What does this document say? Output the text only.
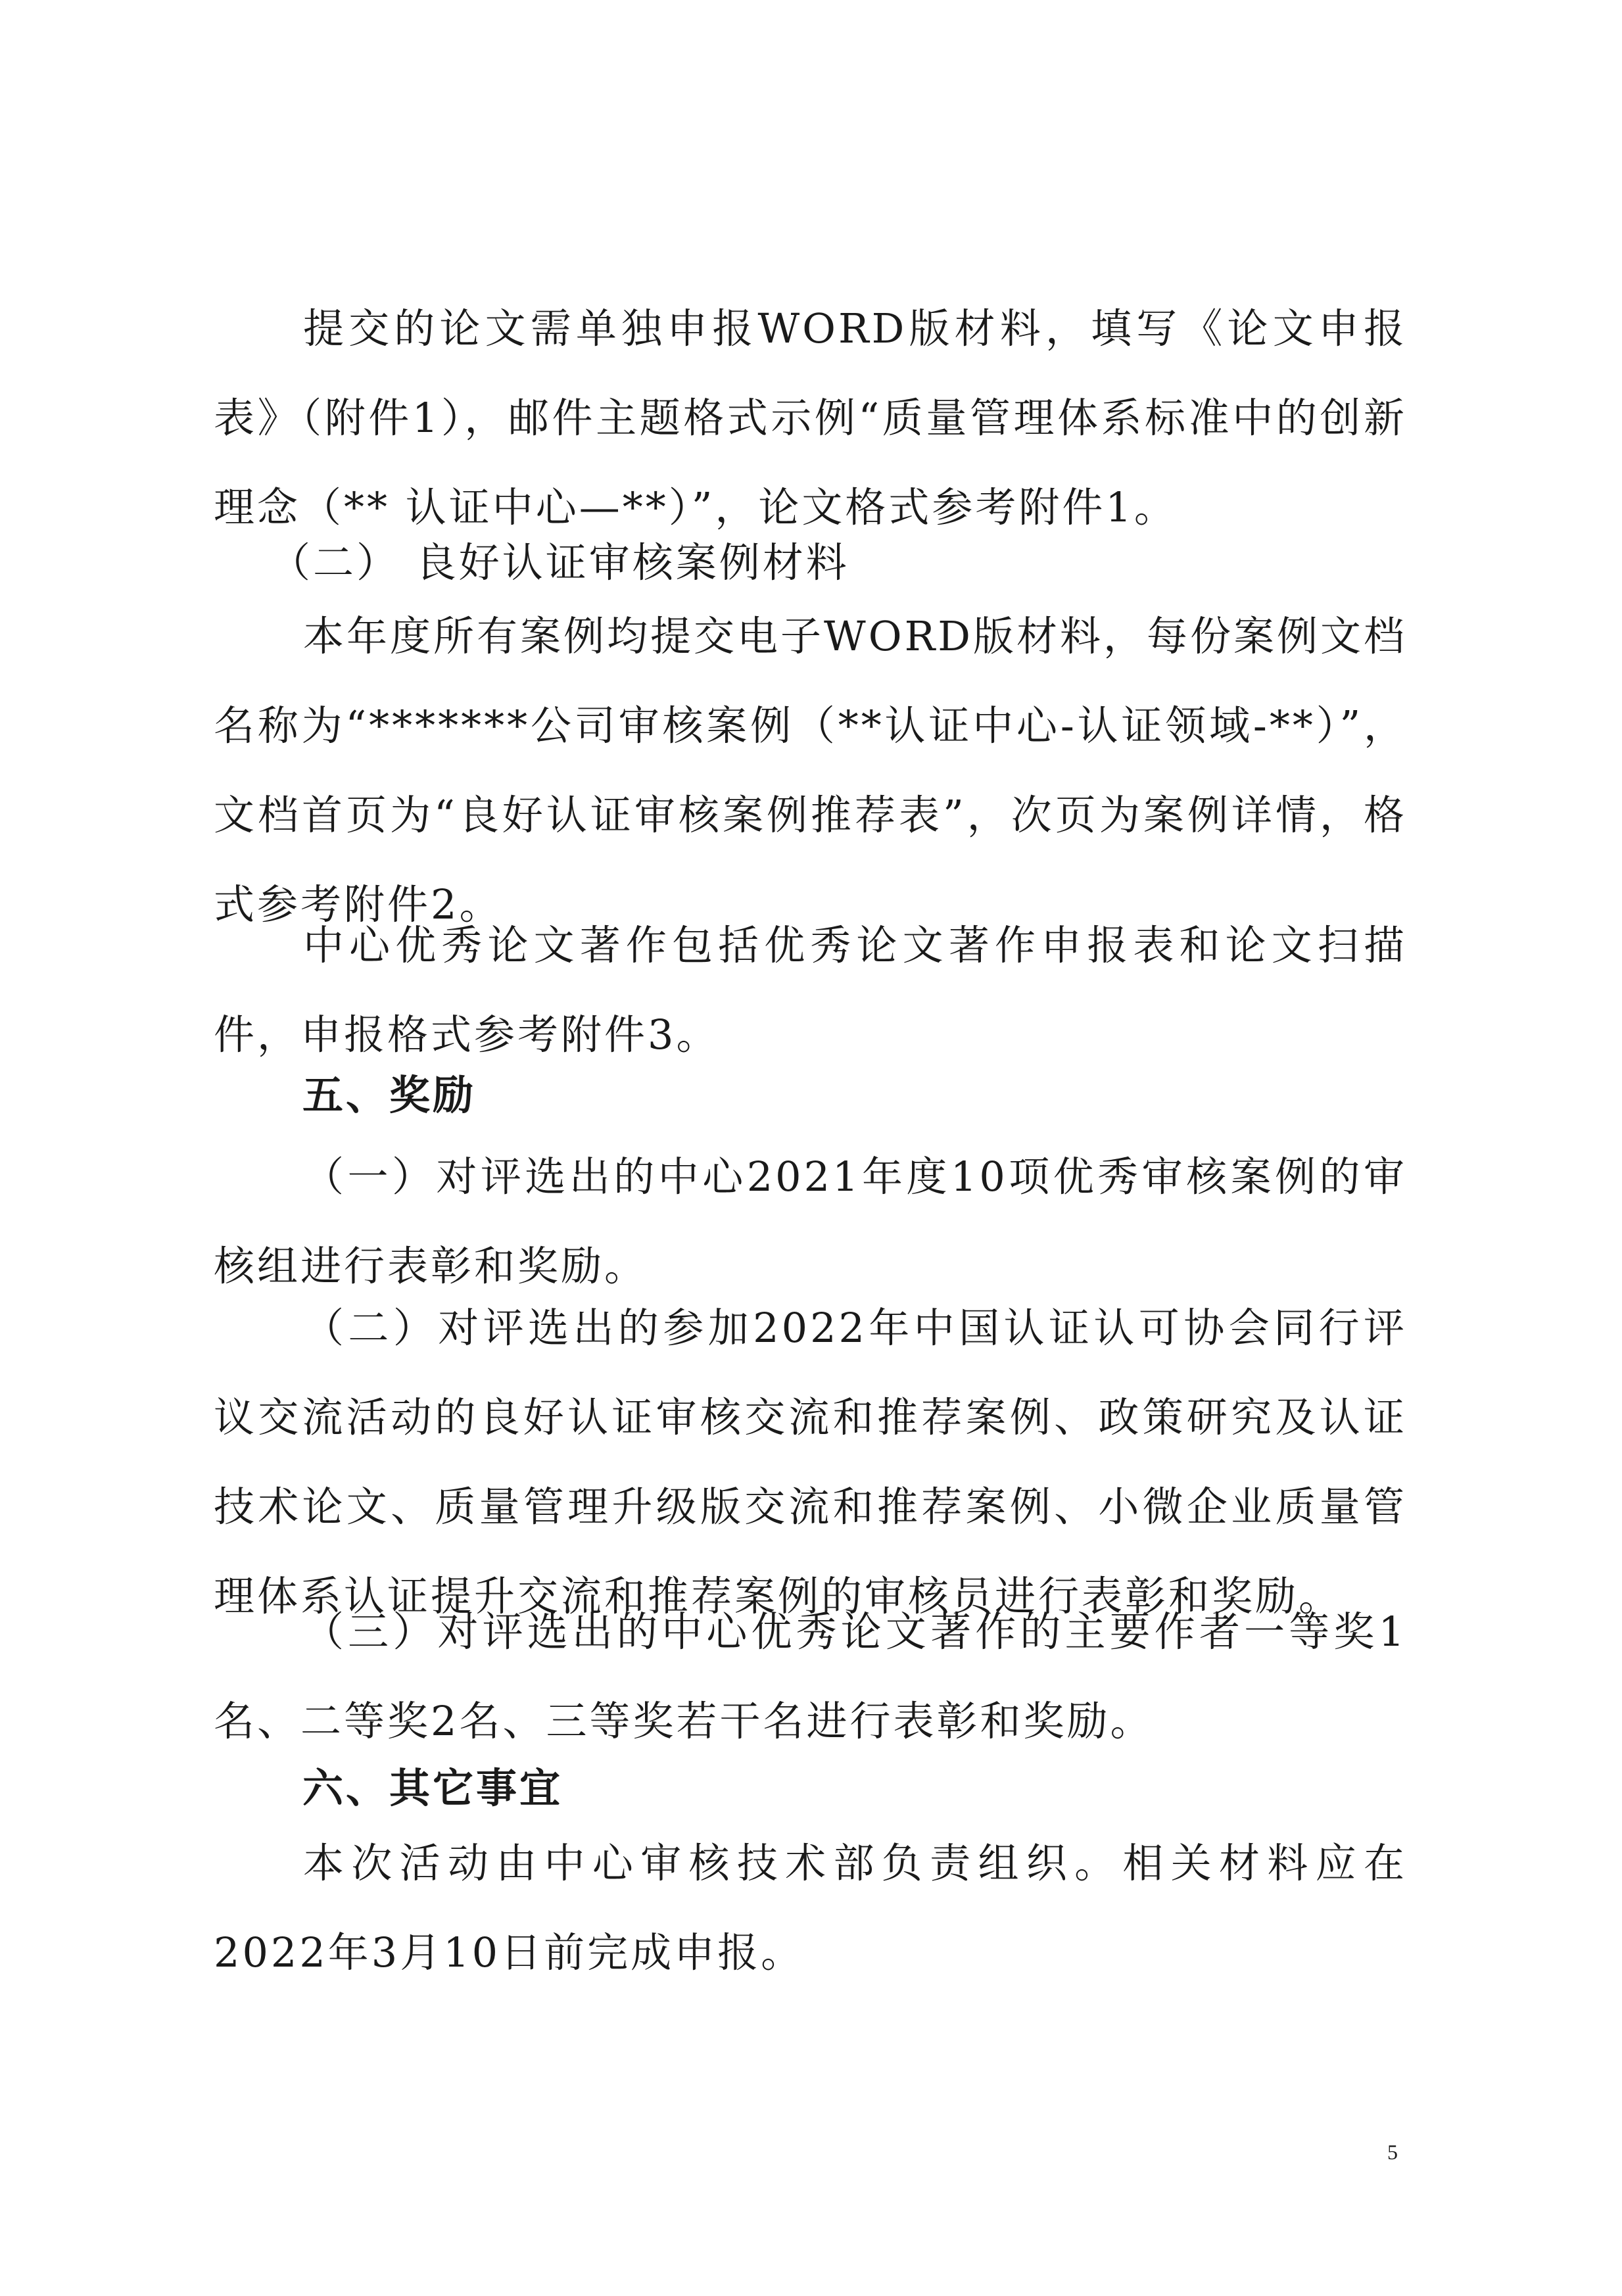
提交的论文需单独申报WORD版材料，填写《论文申报表》（附件1），邮件主题格式示例“质量管理体系标准中的创新理念（** 认证中心—**）”，论文格式参考附件1。

（二） 良好认证审核案例材料

本年度所有案例均提交电子WORD版材料，每份案例文档名称为“*******公司审核案例（**认证中心-认证领域-**）”，文档首页为“良好认证审核案例推荐表”，次页为案例详情，格式参考附件2。

中心优秀论文著作包括优秀论文著作申报表和论文扫描件，申报格式参考附件3。

五、奖励

（一）对评选出的中心2021年度10项优秀审核案例的审核组进行表彰和奖励。

（二）对评选出的参加2022年中国认证认可协会同行评议交流活动的良好认证审核交流和推荐案例、政策研究及认证技术论文、质量管理升级版交流和推荐案例、小微企业质量管理体系认证提升交流和推荐案例的审核员进行表彰和奖励。

（三）对评选出的中心优秀论文著作的主要作者一等奖1名、二等奖2名、三等奖若干名进行表彰和奖励。

六、其它事宜

本次活动由中心审核技术部负责组织。相关材料应在2022年3月10日前完成申报。

5
